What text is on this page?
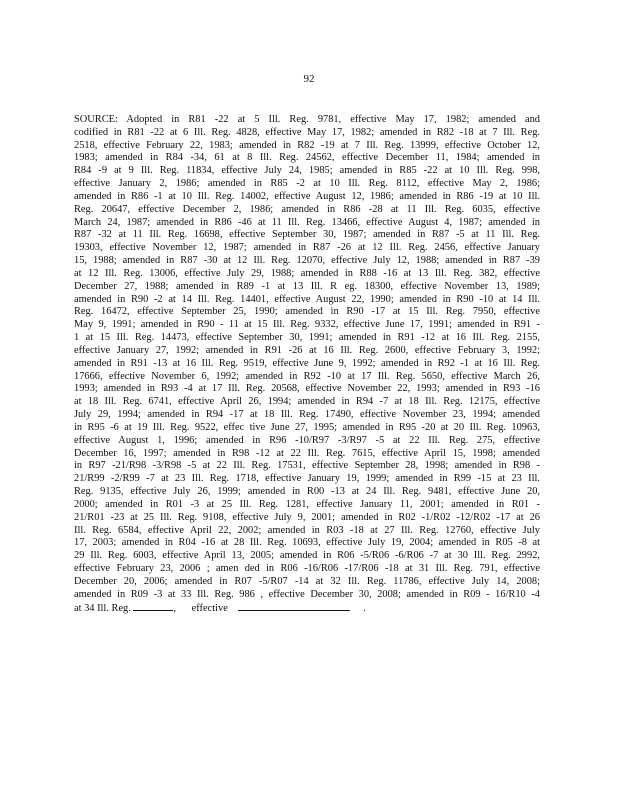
92
SOURCE: Adopted in R81 -22 at 5 Ill. Reg. 9781, effective May 17, 1982; amended and
codified in R81 -22 at 6 Ill. Reg. 4828, effective May 17, 1982; amended in R82 -18 at 7 Ill. Reg.
2518, effective February 22, 1983; amended in R82 -19 at 7 Ill. Reg. 13999, effective October 12,
1983; amended in R84 -34, 61 at 8 Ill. Reg. 24562, effective December 11, 1984; amended in
R84 -9 at 9 Ill. Reg. 11834, effective July 24, 1985; amended in R85 -22 at 10 Ill. Reg. 998,
effective January 2, 1986; amended in R85 -2 at 10 Ill. Reg. 8112, effective May 2, 1986;
amended in R86 -1 at 10 Ill. Reg. 14002, effective August 12, 1986; amended in R86 -19 at 10 Ill.
Reg. 20647, effective December 2, 1986; amended in R86 -28 at 11 Ill. Reg. 6035, effective
March 24, 1987; amended in R86 -46 at 11 Ill. Reg. 13466, effective August 4, 1987; amended in
R87 -32 at 11 Ill. Reg. 16698, effective September 30, 1987; amended in R87 -5 at 11 Ill. Reg.
19303, effective November 12, 1987; amended in R87 -26 at 12 Ill. Reg. 2456, effective January
15, 1988; amended in R87 -30 at 12 Ill. Reg. 12070, effective July 12, 1988; amended in R87 -39
at 12 Ill. Reg. 13006, effective July 29, 1988; amended in R88 -16 at 13 Ill. Reg. 382, effective
December 27, 1988; amended in R89 -1 at 13 Ill. R eg. 18300, effective November 13, 1989;
amended in R90 -2 at 14 Ill. Reg. 14401, effective August 22, 1990; amended in R90 -10 at 14 Ill.
Reg. 16472, effective September 25, 1990; amended in R90 -17 at 15 Ill. Reg. 7950, effective
May 9, 1991; amended in R90 - 11 at 15 Ill. Reg. 9332, effective June 17, 1991; amended in R91 -
1 at 15 Ill. Reg. 14473, effective September 30, 1991; amended in R91 -12 at 16 Ill. Reg. 2155,
effective January 27, 1992; amended in R91 -26 at 16 Ill. Reg. 2600, effective February 3, 1992;
amended in R91 -13 at 16 Ill. Reg. 9519, effective June 9, 1992; amended in R92 -1 at 16 Ill. Reg.
17666, effective November 6, 1992; amended in R92 -10 at 17 Ill. Reg. 5650, effective March 26,
1993; amended in R93 -4 at 17 Ill. Reg. 20568, effective November 22, 1993; amended in R93 -16
at 18 Ill. Reg. 6741, effective April 26, 1994; amended in R94 -7 at 18 Ill. Reg. 12175, effective
July 29, 1994; amended in R94 -17 at 18 Ill. Reg. 17490, effective November 23, 1994; amended
in R95 -6 at 19 Ill. Reg. 9522, effec tive June 27, 1995; amended in R95 -20 at 20 Ill. Reg. 10963,
effective August 1, 1996; amended in R96 -10/R97 -3/R97 -5 at 22 Ill. Reg. 275, effective
December 16, 1997; amended in R98 -12 at 22 Ill. Reg. 7615, effective April 15, 1998; amended
in R97 -21/R98 -3/R98 -5 at 22 Ill. Reg. 17531, effective September 28, 1998; amended in R98 -
21/R99 -2/R99 -7 at 23 Ill. Reg. 1718, effective January 19, 1999; amended in R99 -15 at 23 Ill.
Reg. 9135, effective July 26, 1999; amended in R00 -13 at 24 Ill. Reg. 9481, effective June 20,
2000; amended in R01 -3 at 25 Ill. Reg. 1281, effective January 11, 2001; amended in R01 -
21/R01 -23 at 25 Ill. Reg. 9108, effective July 9, 2001; amended in R02 -1/R02 -12/R02 -17 at 26
Ill. Reg. 6584, effective April 22, 2002; amended in R03 -18 at 27 Ill. Reg. 12760, effective July
17, 2003; amended in R04 -16 at 28 Ill. Reg. 10693, effective July 19, 2004; amended in R05 -8 at
29 Ill. Reg. 6003, effective April 13, 2005; amended in R06 -5/R06 -6/R06 -7 at 30 Ill. Reg. 2992,
effective February 23, 2006 ; amen ded in R06 -16/R06 -17/R06 -18 at 31 Ill. Reg. 791, effective
December 20, 2006; amended in R07 -5/R07 -14 at 32 Ill. Reg. 11786, effective July 14, 2008;
amended in R09 -3 at 33 Ill. Reg. 986 , effective December 30, 2008; amended in R09 - 16/R10 -4
at 34 Ill. Reg.	, effective	.
